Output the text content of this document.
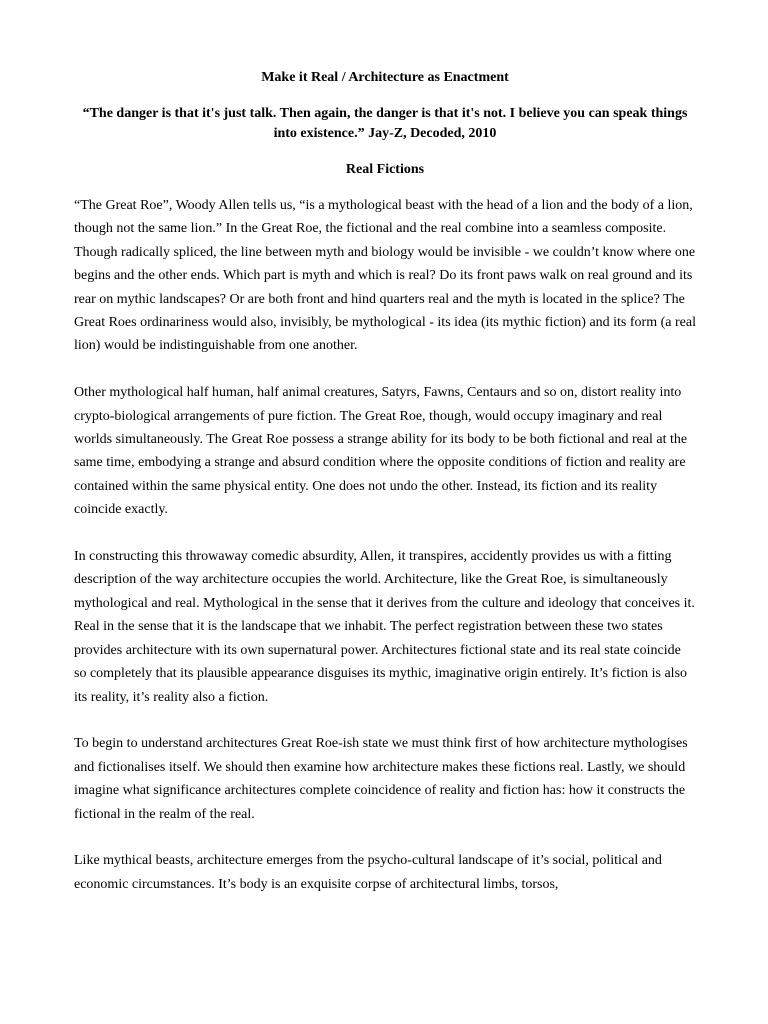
Make it Real / Architecture as Enactment

“The danger is that it's just talk. Then again, the danger is that it's not. I believe you can speak things into existence.” Jay-Z, Decoded, 2010

Real Fictions

“The Great Roe”, Woody Allen tells us, “is a mythological beast with the head of a lion and the body of a lion, though not the same lion.” In the Great Roe, the fictional and the real combine into a seamless composite. Though radically spliced, the line between myth and biology would be invisible - we couldn’t know where one begins and the other ends. Which part is myth and which is real? Do its front paws walk on real ground and its rear on mythic landscapes? Or are both front and hind quarters real and the myth is located in the splice? The Great Roes ordinariness would also, invisibly, be mythological - its idea (its mythic fiction) and its form (a real lion) would be indistinguishable from one another.

Other mythological half human, half animal creatures, Satyrs, Fawns, Centaurs and so on, distort reality into crypto-biological arrangements of pure fiction. The Great Roe, though, would occupy imaginary and real worlds simultaneously. The Great Roe possess a strange ability for its body to be both fictional and real at the same time, embodying a strange and absurd condition where the opposite conditions of fiction and reality are contained within the same physical entity. One does not undo the other. Instead, its fiction and its reality coincide exactly.

In constructing this throwaway comedic absurdity, Allen, it transpires, accidently provides us with a fitting description of the way architecture occupies the world. Architecture, like the Great Roe, is simultaneously mythological and real. Mythological in the sense that it derives from the culture and ideology that conceives it. Real in the sense that it is the landscape that we inhabit. The perfect registration between these two states provides architecture with its own supernatural power. Architectures fictional state and its real state coincide so completely that its plausible appearance disguises its mythic, imaginative origin entirely. It’s fiction is also its reality, it’s reality also a fiction.

To begin to understand architectures Great Roe-ish state we must think first of how architecture mythologises and fictionalises itself. We should then examine how architecture makes these fictions real. Lastly, we should imagine what significance architectures complete coincidence of reality and fiction has: how it constructs the fictional in the realm of the real.

Like mythical beasts, architecture emerges from the psycho-cultural landscape of it’s social, political and economic circumstances. It’s body is an exquisite corpse of architectural limbs, torsos,
